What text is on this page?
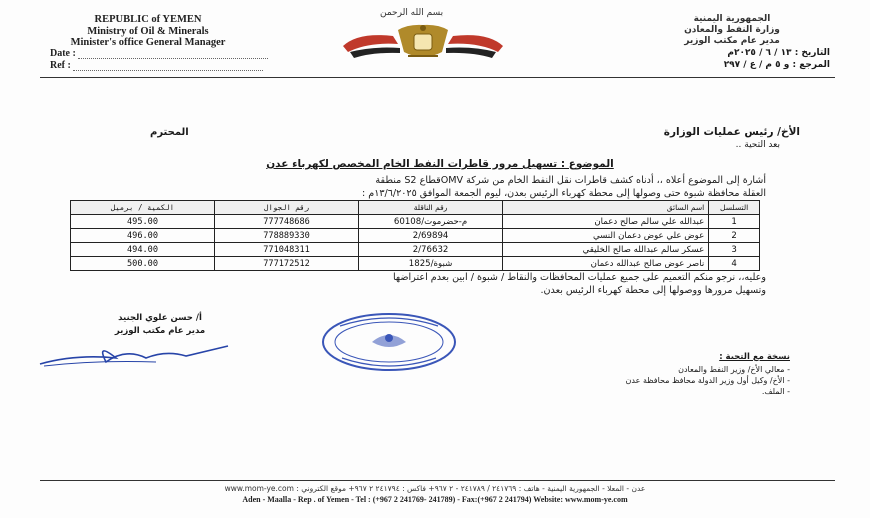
REPUBLIC of YEMEN
Ministry of Oil & Minerals
Minister's office General Manager
Date :
Ref :
بسم الله الرحمن
الجمهورية اليمنية
وزارة النفط والمعادن
مدير عام مكتب الوزير
التاريخ : ١٣ / ٦ / ٢٠٢٥م
المرجع : و ٥ م / ع / ٢٩٧
الأخ/ رئيس عمليات الوزارة
بعد التحية ..
المحترم
الموضوع : تسهيل مرور قاطرات النفط الخام المخصص لكهرباء عدن
أشارة إلى الموضوع أعلاه ،، أدناه كشف قاطرات نقل النفط الخام من شركة OMVقطاع S2 منطقة
العقلة محافظة شبوة حتى وصولها إلى محطة كهرباء الرئيس بعدن، ليوم الجمعة الموافق ١٣/٦/٢٠٢٥م :
الكمية / برميل	رقم الجوال	رقم الناقلة	اسم السائق	التسلسل
495.00	777748686	60108/م-حضرموت	عبدالله علي سالم صالح دعمان	1
496.00	778889330	2/69894	عوض علي عوض دعمان النسي	2
494.00	771048311	2/76632	عسكر سالم عبدالله صالح الخليقي	3
500.00	777172512	1825/شبوة	ناصر عوض صالح عبدالله دعمان	4
وعليه،، نرجو منكم التعميم على جميع عمليات المحافظات والنقاط / شبوة / ابين بعدم اعتراضها
وتسهيل مرورها ووصولها إلى محطة كهرباء الرئيس بعدن.
أ/ حسن علوي الجنيد
مدير عام مكتب الوزير
نسخة مع التحية :
- معالي الأخ/ وزير النفط والمعادن
- الأخ/ وكيل أول وزير الدولة محافظ محافظة عدن
- الملف.
عدن - المعلا - الجمهورية اليمنية - هاتف : ٢٤١٧٦٩ / ٢٤١٧٨٩ - ٢ ٩٦٧+ فاكس : ٢٤١٧٩٤ ٢ ٩٦٧+ موقع الكتروني : www.mom-ye.com
Aden - Maalla - Rep . of Yemen - Tel : (+967 2 241769- 241789) - Fax:(+967 2 241794) Website: www.mom-ye.com
